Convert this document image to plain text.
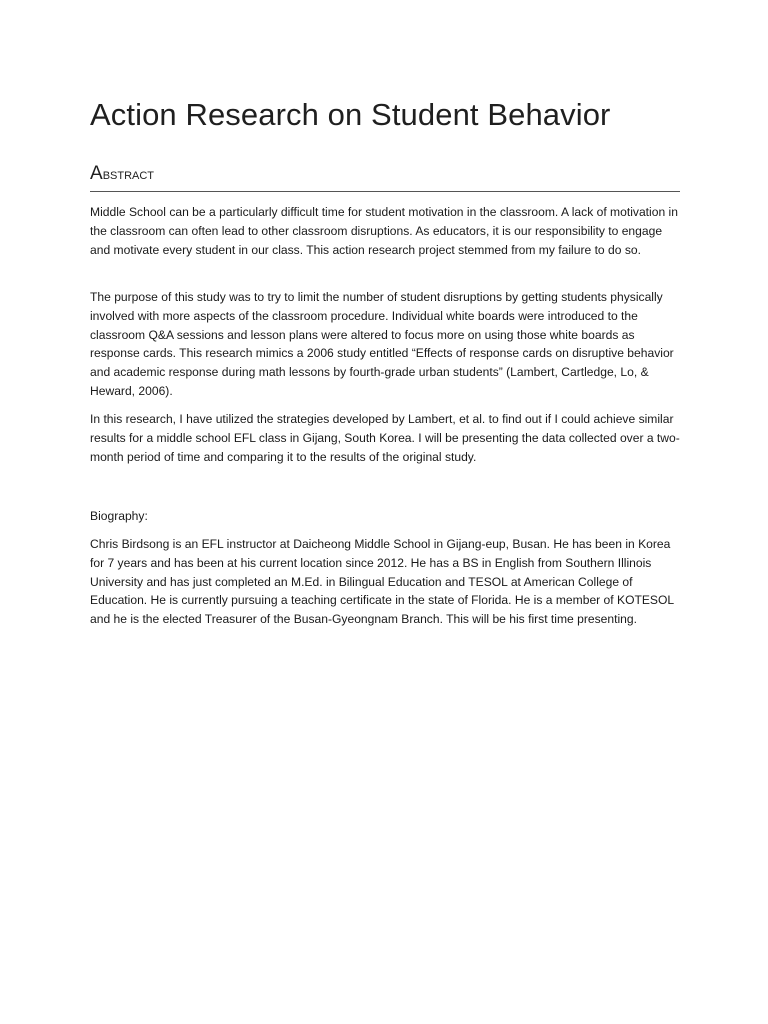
Action Research on Student Behavior
Abstract

Middle School can be a particularly difficult time for student motivation in the classroom. A lack of motivation in the classroom can often lead to other classroom disruptions. As educators, it is our responsibility to engage and motivate every student in our class. This action research project stemmed from my failure to do so.

The purpose of this study was to try to limit the number of student disruptions by getting students physically involved with more aspects of the classroom procedure. Individual white boards were introduced to the classroom Q&A sessions and lesson plans were altered to focus more on using those white boards as response cards. This research mimics a 2006 study entitled “Effects of response cards on disruptive behavior and academic response during math lessons by fourth-grade urban students” (Lambert, Cartledge, Lo, & Heward, 2006).

In this research, I have utilized the strategies developed by Lambert, et al. to find out if I could achieve similar results for a middle school EFL class in Gijang, South Korea. I will be presenting the data collected over a two-month period of time and comparing it to the results of the original study.

Biography:

Chris Birdsong is an EFL instructor at Daicheong Middle School in Gijang-eup, Busan. He has been in Korea for 7 years and has been at his current location since 2012. He has a BS in English from Southern Illinois University and has just completed an M.Ed. in Bilingual Education and TESOL at American College of Education. He is currently pursuing a teaching certificate in the state of Florida. He is a member of KOTESOL and he is the elected Treasurer of the Busan-Gyeongnam Branch. This will be his first time presenting.
